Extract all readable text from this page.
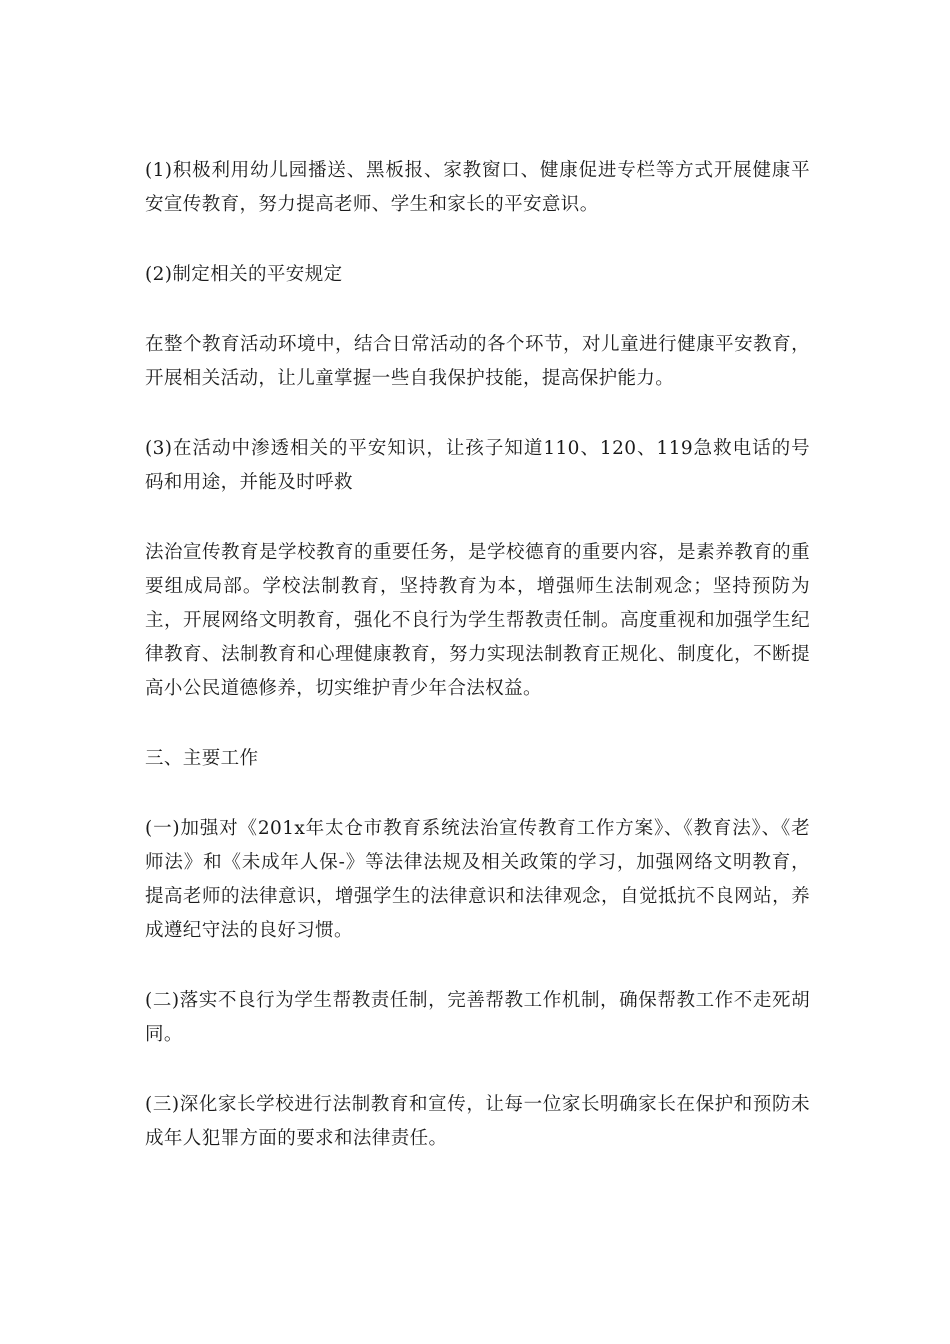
(1)积极利用幼儿园播送、黑板报、家教窗口、健康促进专栏等方式开展健康平安宣传教育，努力提高老师、学生和家长的平安意识。

(2)制定相关的平安规定

在整个教育活动环境中，结合日常活动的各个环节，对儿童进行健康平安教育，开展相关活动，让儿童掌握一些自我保护技能，提高保护能力。

(3)在活动中渗透相关的平安知识，让孩子知道110、120、119急救电话的号码和用途，并能及时呼救

法治宣传教育是学校教育的重要任务，是学校德育的重要内容，是素养教育的重要组成局部。学校法制教育，坚持教育为本，增强师生法制观念；坚持预防为主，开展网络文明教育，强化不良行为学生帮教责任制。高度重视和加强学生纪律教育、法制教育和心理健康教育，努力实现法制教育正规化、制度化，不断提高小公民道德修养，切实维护青少年合法权益。

三、主要工作

(一)加强对《201x年太仓市教育系统法治宣传教育工作方案》、《教育法》、《老师法》和《未成年人保-》等法律法规及相关政策的学习，加强网络文明教育，提高老师的法律意识，增强学生的法律意识和法律观念，自觉抵抗不良网站，养成遵纪守法的良好习惯。

(二)落实不良行为学生帮教责任制，完善帮教工作机制，确保帮教工作不走死胡同。

(三)深化家长学校进行法制教育和宣传，让每一位家长明确家长在保护和预防未成年人犯罪方面的要求和法律责任。
